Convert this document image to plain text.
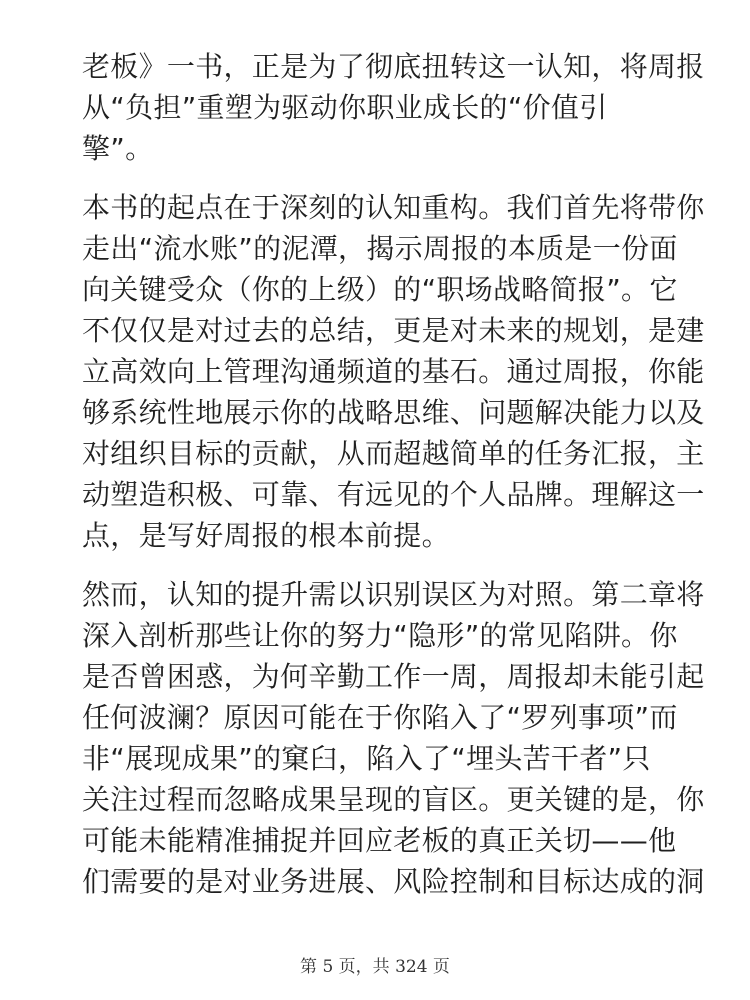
老板》一书，正是为了彻底扭转这一认知，将周报
从“负担”重塑为驱动你职业成长的“价值引
擎”。

本书的起点在于深刻的认知重构。我们首先将带你
走出“流水账”的泥潭，揭示周报的本质是一份面
向关键受众（你的上级）的“职场战略简报”。它
不仅仅是对过去的总结，更是对未来的规划，是建
立高效向上管理沟通频道的基石。通过周报，你能
够系统性地展示你的战略思维、问题解决能力以及
对组织目标的贡献，从而超越简单的任务汇报，主
动塑造积极、可靠、有远见的个人品牌。理解这一
点，是写好周报的根本前提。

然而，认知的提升需以识别误区为对照。第二章将
深入剖析那些让你的努力“隐形”的常见陷阱。你
是否曾困惑，为何辛勤工作一周，周报却未能引起
任何波澜？原因可能在于你陷入了“罗列事项”而
非“展现成果”的窠臼，陷入了“埋头苦干者”只
关注过程而忽略成果呈现的盲区。更关键的是，你
可能未能精准捕捉并回应老板的真正关切——他
们需要的是对业务进展、风险控制和目标达成的洞

第 5 页，共 324 页
